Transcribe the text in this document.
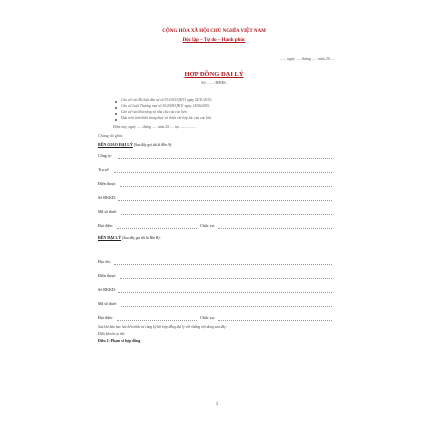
CỘNG HÒA XÃ HỘI CHỦ NGHĨA VIỆT NAM
Độc lập – Tự do – Hạnh phúc
....., ngày ..... tháng ..... năm 20.....
HỢP ĐỒNG ĐẠI LÝ
Số: ......./HĐĐL
Căn cứ vào Bộ luật dân sự số 91/2015/QH13 ngày 24/11/2015;
Căn cứ Luật Thương mại số 36/2005/QH11 ngày 14/06/2005;
Căn cứ vào khả năng và nhu cầu của các bên;
Dựa trên tinh thần trung thực và thiện chí hợp tác của các bên.
Hôm nay, ngày ..... tháng ..... năm 20..... tại .................
Chúng tôi gồm:
BÊN GIAO ĐẠI LÝ (Sau đây gọi tắt là Bên A):
Công ty:
Trụ sở:
Điện thoại:
Số ĐKKD:
Mã số thuế:
Đại diện:	Chức vụ:
BÊN ĐẠI LÝ (Sau đây gọi tắt là Bên B):
Địa chỉ:
Điện thoại:
Số ĐKKD:
Mã số thuế:
Đại diện:	Chức vụ:
Sau khi bàn bạc hai bên nhất trí cùng ký kết hợp đồng đại lý với những nội dung sau đây:
Điều khoản cụ thể:
Điều 1: Phạm vi hợp đồng
1
